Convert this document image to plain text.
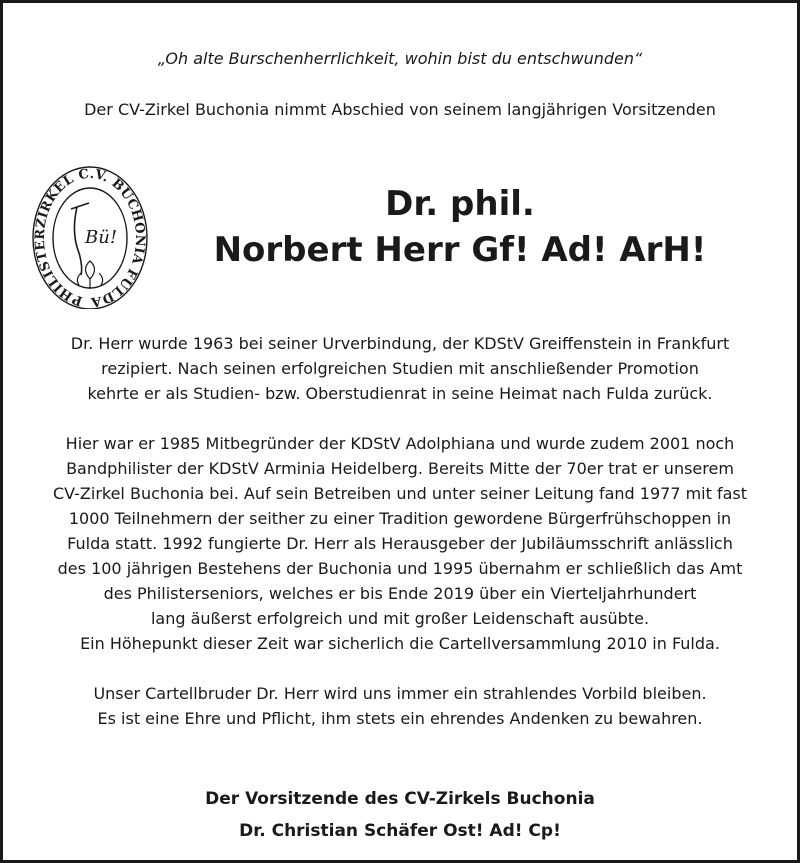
„Oh alte Burschenherrlichkeit, wohin bist du entschwunden“
Der CV-Zirkel Buchonia nimmt Abschied von seinem langjährigen Vorsitzenden
PHILISTERZIRKEL C.V. BUCHONIA FULDA
Bü!
Dr. phil.
Norbert Herr Gf! Ad! ArH!
Dr. Herr wurde 1963 bei seiner Urverbindung, der KDStV Greiffenstein in Frankfurt
rezipiert. Nach seinen erfolgreichen Studien mit anschließender Promotion
kehrte er als Studien- bzw. Oberstudienrat in seine Heimat nach Fulda zurück.
Hier war er 1985 Mitbegründer der KDStV Adolphiana und wurde zudem 2001 noch
Bandphilister der KDStV Arminia Heidelberg. Bereits Mitte der 70er trat er unserem
CV-Zirkel Buchonia bei. Auf sein Betreiben und unter seiner Leitung fand 1977 mit fast
1000 Teilnehmern der seither zu einer Tradition gewordene Bürgerfrühschoppen in
Fulda statt. 1992 fungierte Dr. Herr als Herausgeber der Jubiläumsschrift anlässlich
des 100 jährigen Bestehens der Buchonia und 1995 übernahm er schließlich das Amt
des Philisterseniors, welches er bis Ende 2019 über ein Vierteljahrhundert
lang äußerst erfolgreich und mit großer Leidenschaft ausübte.
Ein Höhepunkt dieser Zeit war sicherlich die Cartellversammlung 2010 in Fulda.
Unser Cartellbruder Dr. Herr wird uns immer ein strahlendes Vorbild bleiben.
Es ist eine Ehre und Pflicht, ihm stets ein ehrendes Andenken zu bewahren.
Der Vorsitzende des CV-Zirkels Buchonia
Dr. Christian Schäfer Ost! Ad! Cp!
